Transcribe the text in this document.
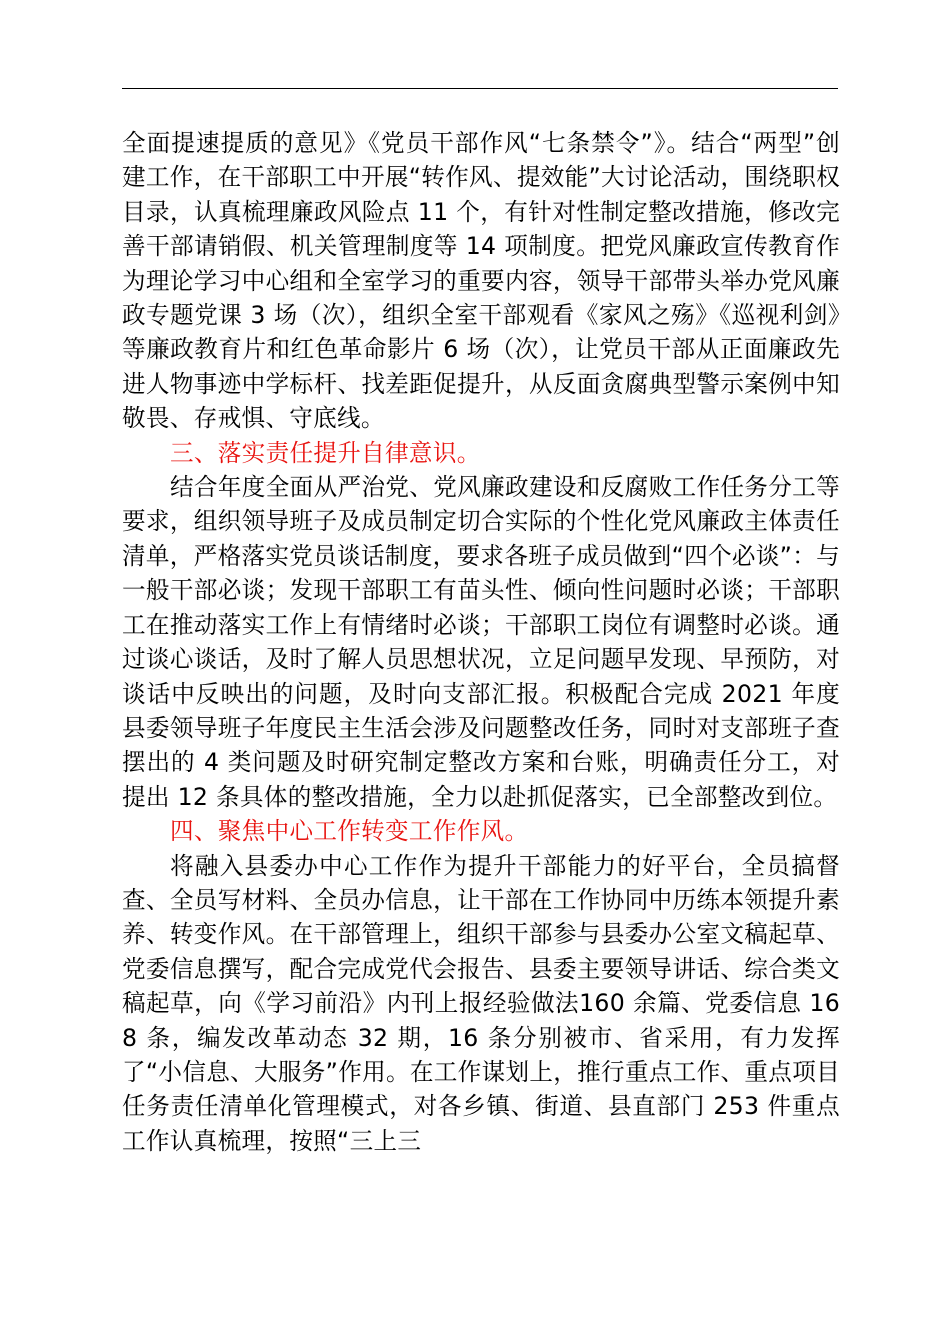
全面提速提质的意见》《党员干部作风“七条禁令”》。结合“两型”创建工作，在干部职工中开展“转作风、提效能”大讨论活动，围绕职权目录，认真梳理廉政风险点 11 个，有针对性制定整改措施，修改完善干部请销假、机关管理制度等 14 项制度。把党风廉政宣传教育作为理论学习中心组和全室学习的重要内容，领导干部带头举办党风廉政专题党课 3 场（次），组织全室干部观看《家风之殇》《巡视利剑》等廉政教育片和红色革命影片 6 场（次），让党员干部从正面廉政先进人物事迹中学标杆、找差距促提升，从反面贪腐典型警示案例中知敬畏、存戒惧、守底线。

三、落实责任提升自律意识。

结合年度全面从严治党、党风廉政建设和反腐败工作任务分工等要求，组织领导班子及成员制定切合实际的个性化党风廉政主体责任清单，严格落实党员谈话制度，要求各班子成员做到“四个必谈”：与一般干部必谈；发现干部职工有苗头性、倾向性问题时必谈；干部职工在推动落实工作上有情绪时必谈；干部职工岗位有调整时必谈。通过谈心谈话，及时了解人员思想状况，立足问题早发现、早预防，对谈话中反映出的问题，及时向支部汇报。积极配合完成 2021 年度县委领导班子年度民主生活会涉及问题整改任务，同时对支部班子查摆出的 4 类问题及时研究制定整改方案和台账，明确责任分工，对提出 12 条具体的整改措施，全力以赴抓促落实，已全部整改到位。

四、聚焦中心工作转变工作作风。

将融入县委办中心工作作为提升干部能力的好平台，全员搞督查、全员写材料、全员办信息，让干部在工作协同中历练本领提升素养、转变作风。在干部管理上，组织干部参与县委办公室文稿起草、党委信息撰写，配合完成党代会报告、县委主要领导讲话、综合类文稿起草，向《学习前沿》内刊上报经验做法160 余篇、党委信息 168 条，编发改革动态 32 期，16 条分别被市、省采用，有力发挥了“小信息、大服务”作用。在工作谋划上，推行重点工作、重点项目任务责任清单化管理模式，对各乡镇、街道、县直部门 253 件重点工作认真梳理，按照“三上三
